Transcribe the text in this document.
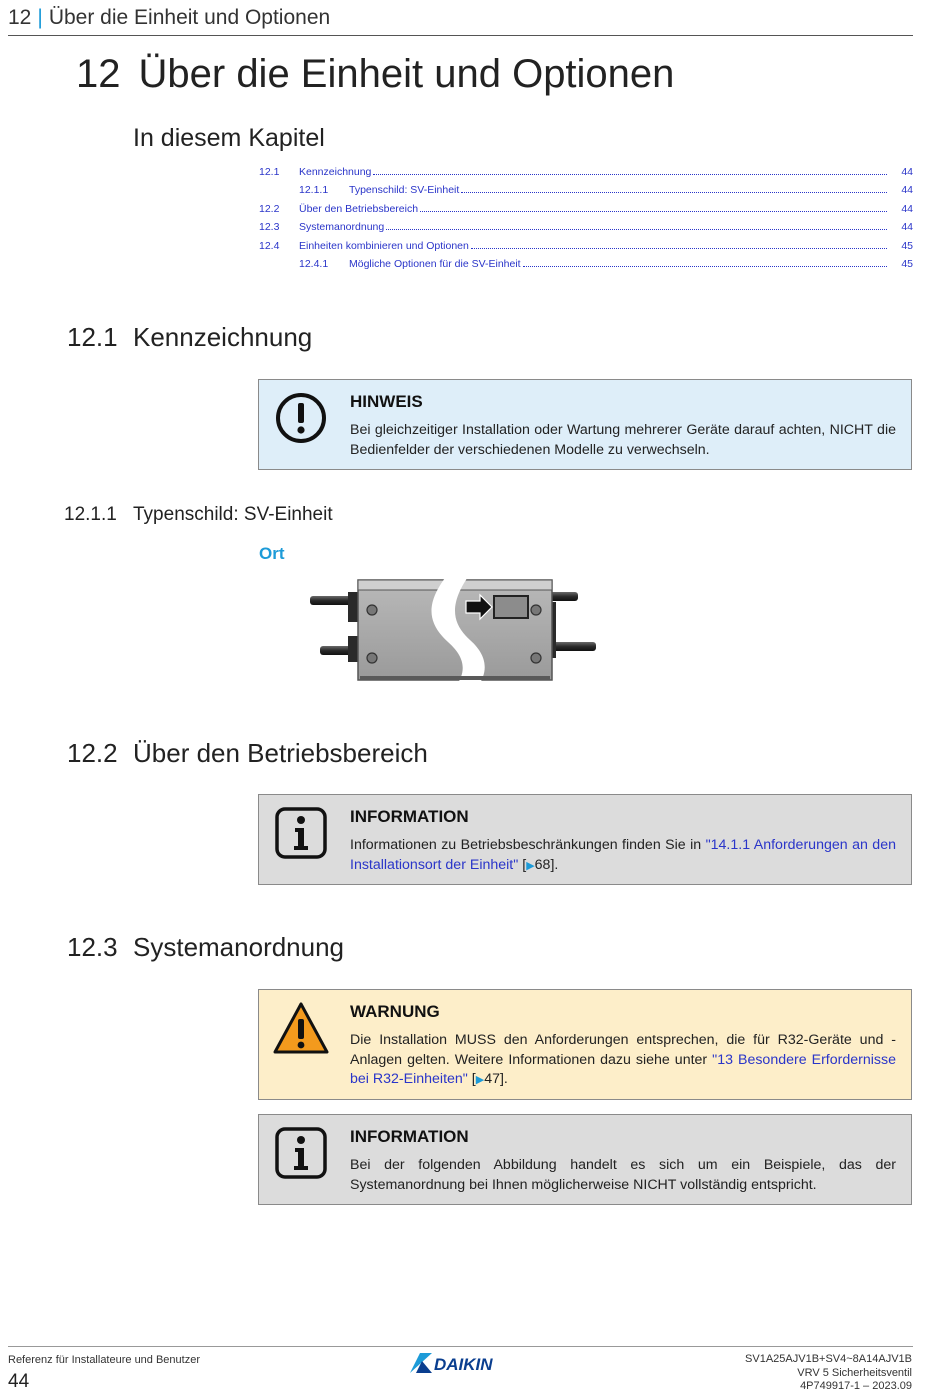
12 | Über die Einheit und Optionen
12 Über die Einheit und Optionen
In diesem Kapitel
12.1	Kennzeichnung	44
12.1.1	Typenschild: SV-Einheit	44
12.2	Über den Betriebsbereich	44
12.3	Systemanordnung	44
12.4	Einheiten kombinieren und Optionen	45
12.4.1	Mögliche Optionen für die SV-Einheit	45
12.1 Kennzeichnung
HINWEIS
Bei gleichzeitiger Installation oder Wartung mehrerer Geräte darauf achten, NICHT die Bedienfelder der verschiedenen Modelle zu verwechseln.
12.1.1 Typenschild: SV-Einheit
Ort
12.2 Über den Betriebsbereich
INFORMATION
Informationen zu Betriebsbeschränkungen finden Sie in "14.1.1 Anforderungen an den Installationsort der Einheit" [▶68].
12.3 Systemanordnung
WARNUNG
Die Installation MUSS den Anforderungen entsprechen, die für R32-Geräte und -Anlagen gelten. Weitere Informationen dazu siehe unter "13 Besondere Erfordernisse bei R32-Einheiten" [▶47].
INFORMATION
Bei der folgenden Abbildung handelt es sich um ein Beispiele, das der Systemanordnung bei Ihnen möglicherweise NICHT vollständig entspricht.
Referenz für Installateure und Benutzer
44
DAIKIN	SV1A25AJV1B+SV4~8A14AJV1B
VRV 5 Sicherheitsventil
4P749917-1 – 2023.09
